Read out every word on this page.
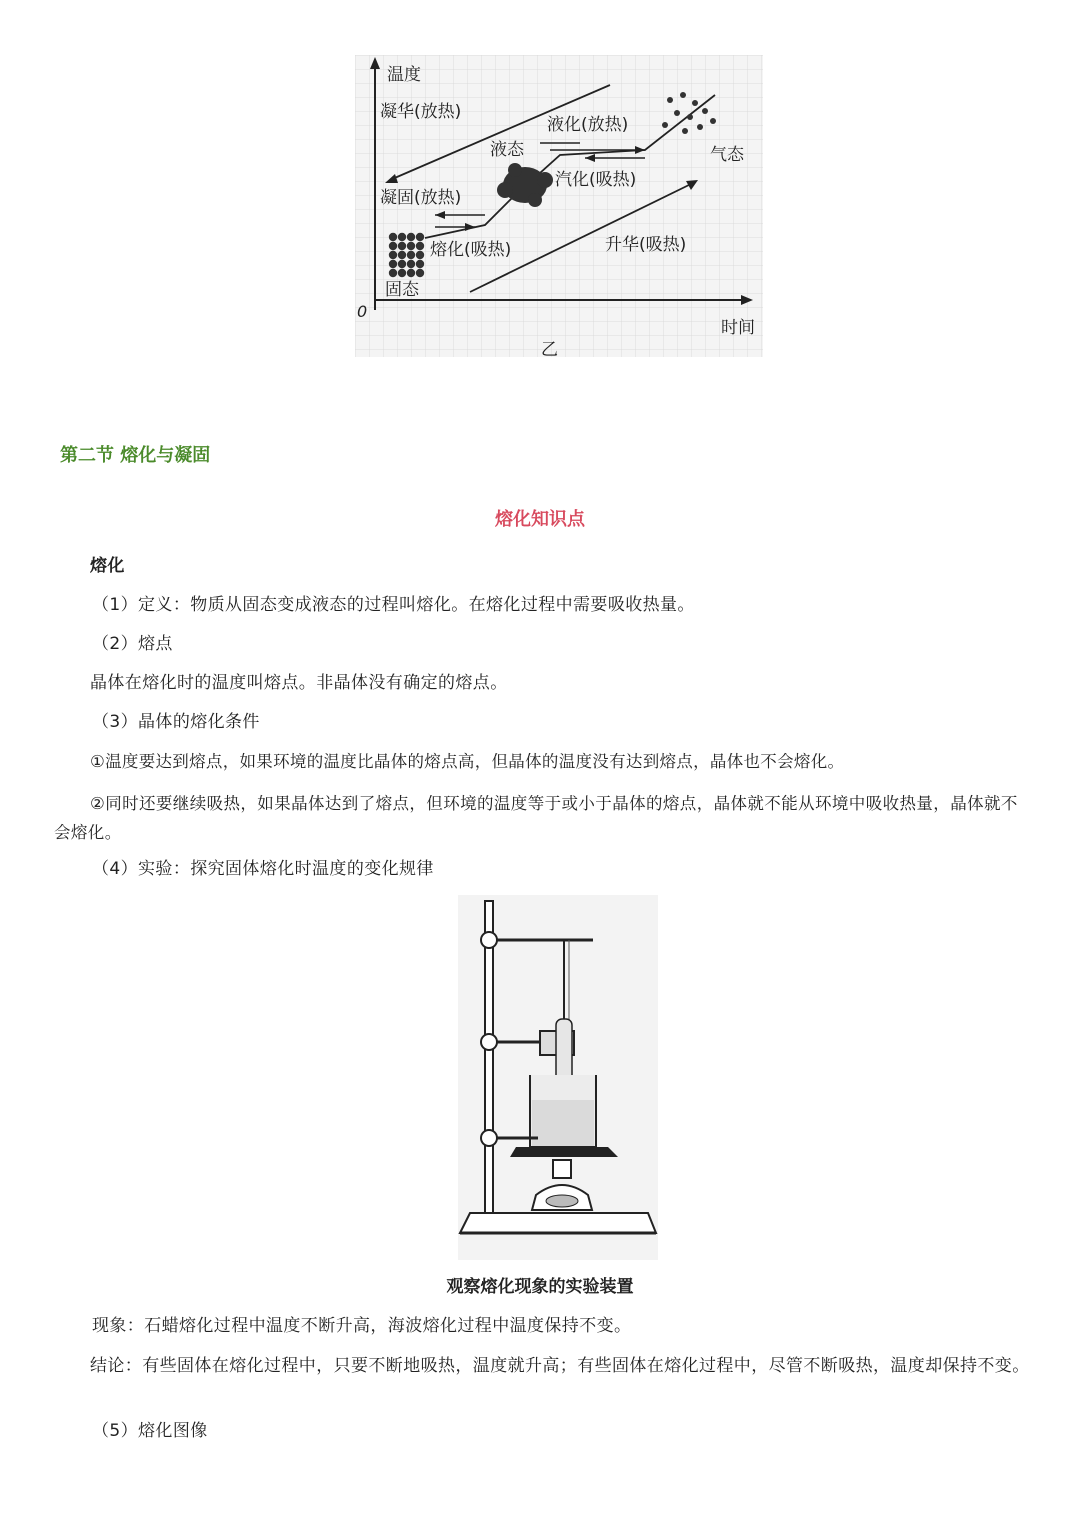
温度
凝华(放热)
液化(放热)
液态	气态
凝固(放热)
汽化(吸热)
熔化(吸热)	升华(吸热)
固态
0
时间
乙
第二节 熔化与凝固
熔化知识点
熔化
（1）定义：物质从固态变成液态的过程叫熔化。在熔化过程中需要吸收热量。
（2）熔点
晶体在熔化时的温度叫熔点。非晶体没有确定的熔点。
（3）晶体的熔化条件
①温度要达到熔点，如果环境的温度比晶体的熔点高，但晶体的温度没有达到熔点，晶体也不会熔化。
②同时还要继续吸热，如果晶体达到了熔点，但环境的温度等于或小于晶体的熔点，晶体就不能从环境中吸收热量，晶体就不会熔化。
（4）实验：探究固体熔化时温度的变化规律
观察熔化现象的实验装置
现象：石蜡熔化过程中温度不断升高，海波熔化过程中温度保持不变。
结论：有些固体在熔化过程中，只要不断地吸热，温度就升高；有些固体在熔化过程中，尽管不断吸热，温度却保持不变。
（5）熔化图像
